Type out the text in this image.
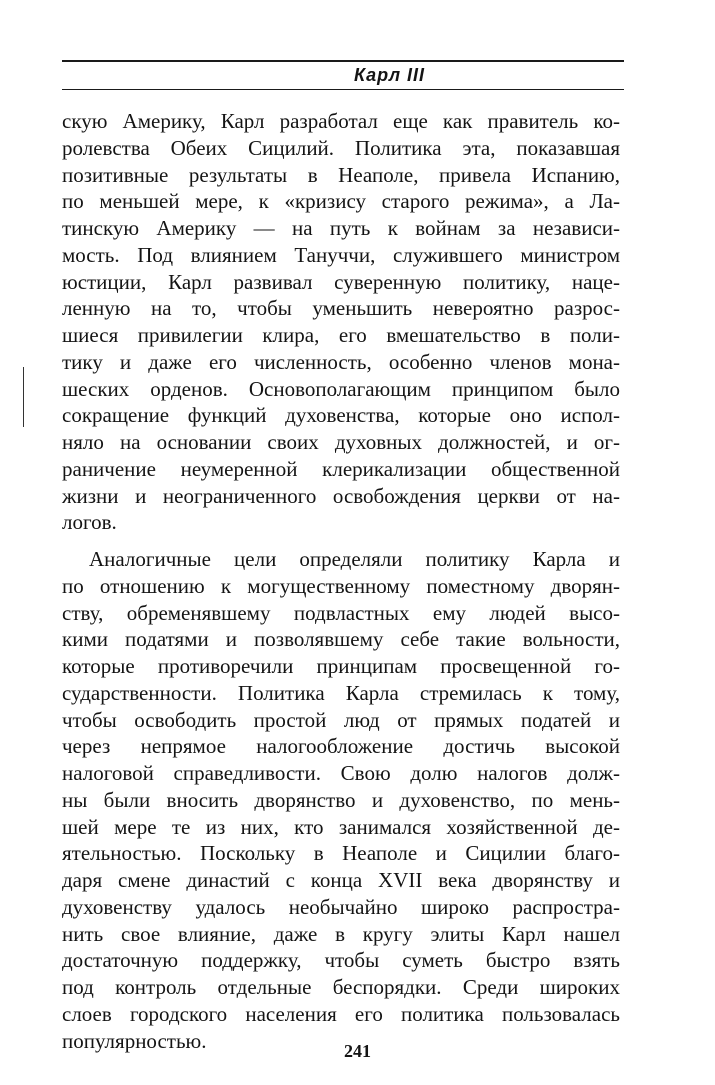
Карл III
скую Америку, Карл разработал еще как правитель ко-
ролевства Обеих Сицилий. Политика эта, показавшая
позитивные результаты в Неаполе, привела Испанию,
по меньшей мере, к «кризису старого режима», а Ла-
тинскую Америку — на путь к войнам за независи-
мость. Под влиянием Тануччи, служившего министром
юстиции, Карл развивал суверенную политику, наце-
ленную на то, чтобы уменьшить невероятно разрос-
шиеся привилегии клира, его вмешательство в поли-
тику и даже его численность, особенно членов мона-
шеских орденов. Основополагающим принципом было
сокращение функций духовенства, которые оно испол-
няло на основании своих духовных должностей, и ог-
раничение неумеренной клерикализации общественной
жизни и неограниченного освобождения церкви от на-
логов.
Аналогичные цели определяли политику Карла и
по отношению к могущественному поместному дворян-
ству, обременявшему подвластных ему людей высо-
кими податями и позволявшему себе такие вольности,
которые противоречили принципам просвещенной го-
сударственности. Политика Карла стремилась к тому,
чтобы освободить простой люд от прямых податей и
через непрямое налогообложение достичь высокой
налоговой справедливости. Свою долю налогов долж-
ны были вносить дворянство и духовенство, по мень-
шей мере те из них, кто занимался хозяйственной де-
ятельностью. Поскольку в Неаполе и Сицилии благо-
даря смене династий с конца XVII века дворянству и
духовенству удалось необычайно широко распростра-
нить свое влияние, даже в кругу элиты Карл нашел
достаточную поддержку, чтобы суметь быстро взять
под контроль отдельные беспорядки. Среди широких
слоев городского населения его политика пользовалась
популярностью.	241
